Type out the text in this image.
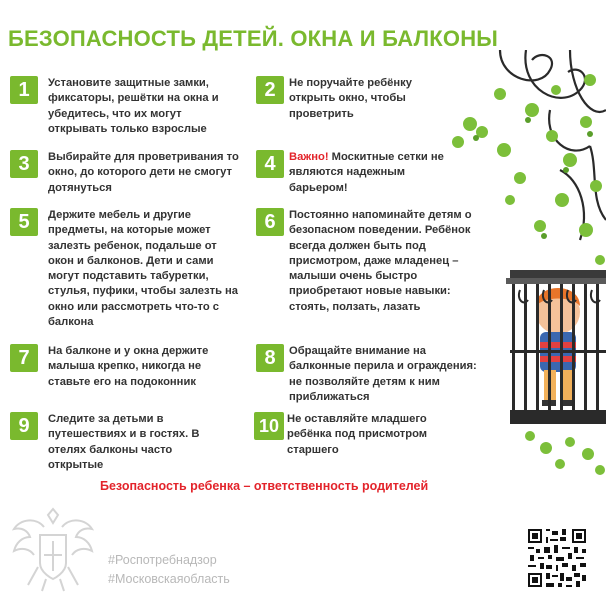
БЕЗОПАСНОСТЬ ДЕТЕЙ. ОКНА И БАЛКОНЫ
1	Установите защитные замки, фиксаторы, решётки на окна и убедитесь, что их могут открывать только взрослые
2	Не поручайте ребёнку открыть окно, чтобы проветрить
3	Выбирайте для проветривания то окно, до которого дети не смогут дотянуться
4	Важно! Москитные сетки не являются надежным барьером!
5	Держите мебель и другие предметы, на которые может залезть ребенок, подальше от окон и балконов. Дети и сами могут подставить табуретки, стулья, пуфики, чтобы залезть на окно или рассмотреть что-то с балкона
6	Постоянно напоминайте детям о безопасном поведении. Ребёнок всегда должен быть под присмотром, даже младенец – малыши очень быстро приобретают новые навыки: стоять, ползать, лазать
7	На балконе и у окна держите малыша крепко, никогда не ставьте его на подоконник
8	Обращайте внимание на балконные перила и ограждения: не позволяйте детям к ним приближаться
9	Следите за детьми в путешествиях и в гостях. В отелях балконы часто открытые
10 Не оставляйте младшего ребёнка под присмотром старшего
Безопасность ребенка – ответственность родителей
#Роспотребнадзор
#Московскаяобласть
